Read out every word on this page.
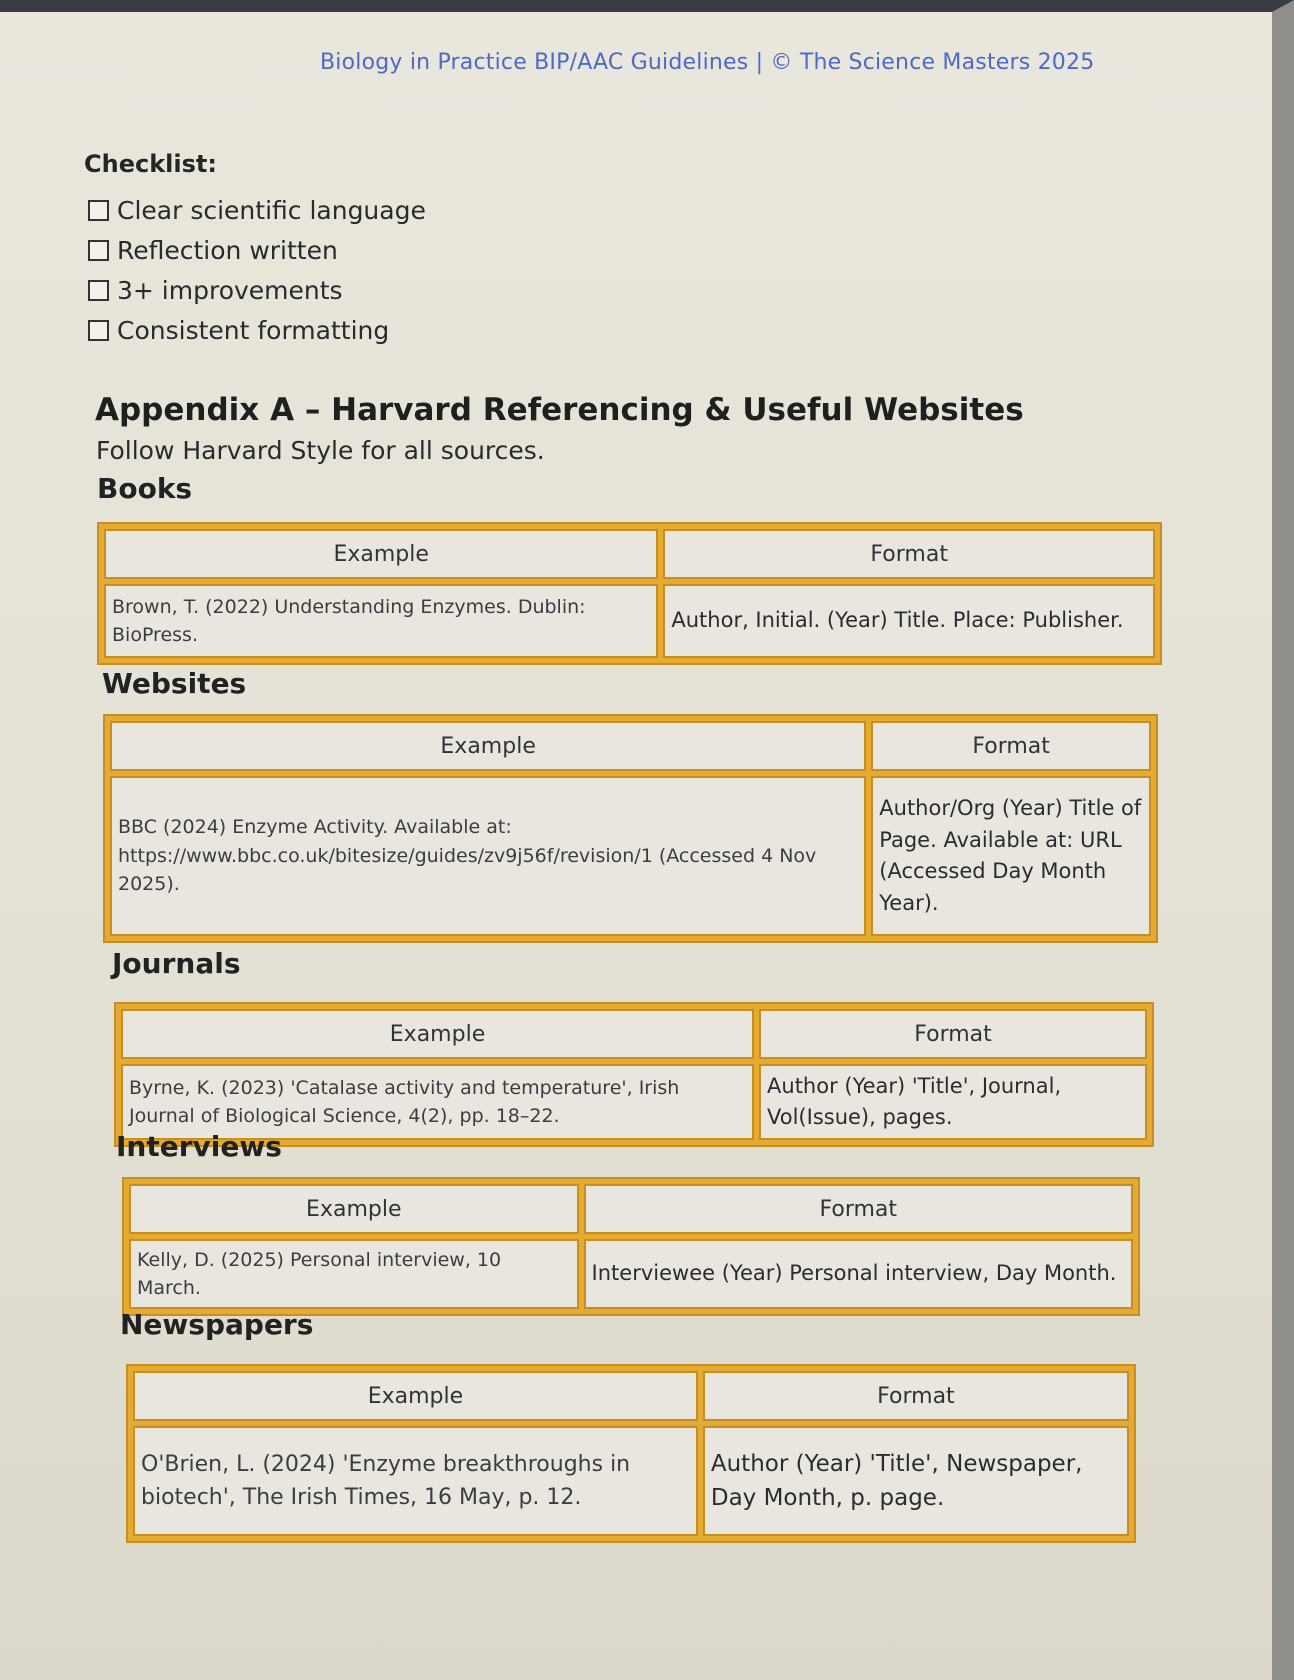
Biology in Practice BIP/AAC Guidelines | © The Science Masters 2025
Checklist:
Clear scientific language
Reflection written
3+ improvements
Consistent formatting
Appendix A – Harvard Referencing & Useful Websites
Follow Harvard Style for all sources.
Books
Example	Format
Brown, T. (2022) Understanding Enzymes. Dublin: BioPress.	Author, Initial. (Year) Title. Place: Publisher.
Websites
Example	Format
BBC (2024) Enzyme Activity. Available at: https://www.bbc.co.uk/bitesize/guides/zv9j56f/revision/1 (Accessed 4 Nov 2025).	Author/Org (Year) Title of Page. Available at: URL (Accessed Day Month Year).
Journals
Example	Format
Byrne, K. (2023) 'Catalase activity and temperature', Irish Journal of Biological Science, 4(2), pp. 18–22.	Author (Year) 'Title', Journal, Vol(Issue), pages.
Interviews
Example	Format
Kelly, D. (2025) Personal interview, 10 March.	Interviewee (Year) Personal interview, Day Month.
Newspapers
Example	Format
O'Brien, L. (2024) 'Enzyme breakthroughs in biotech', The Irish Times, 16 May, p. 12.	Author (Year) 'Title', Newspaper, Day Month, p. page.
